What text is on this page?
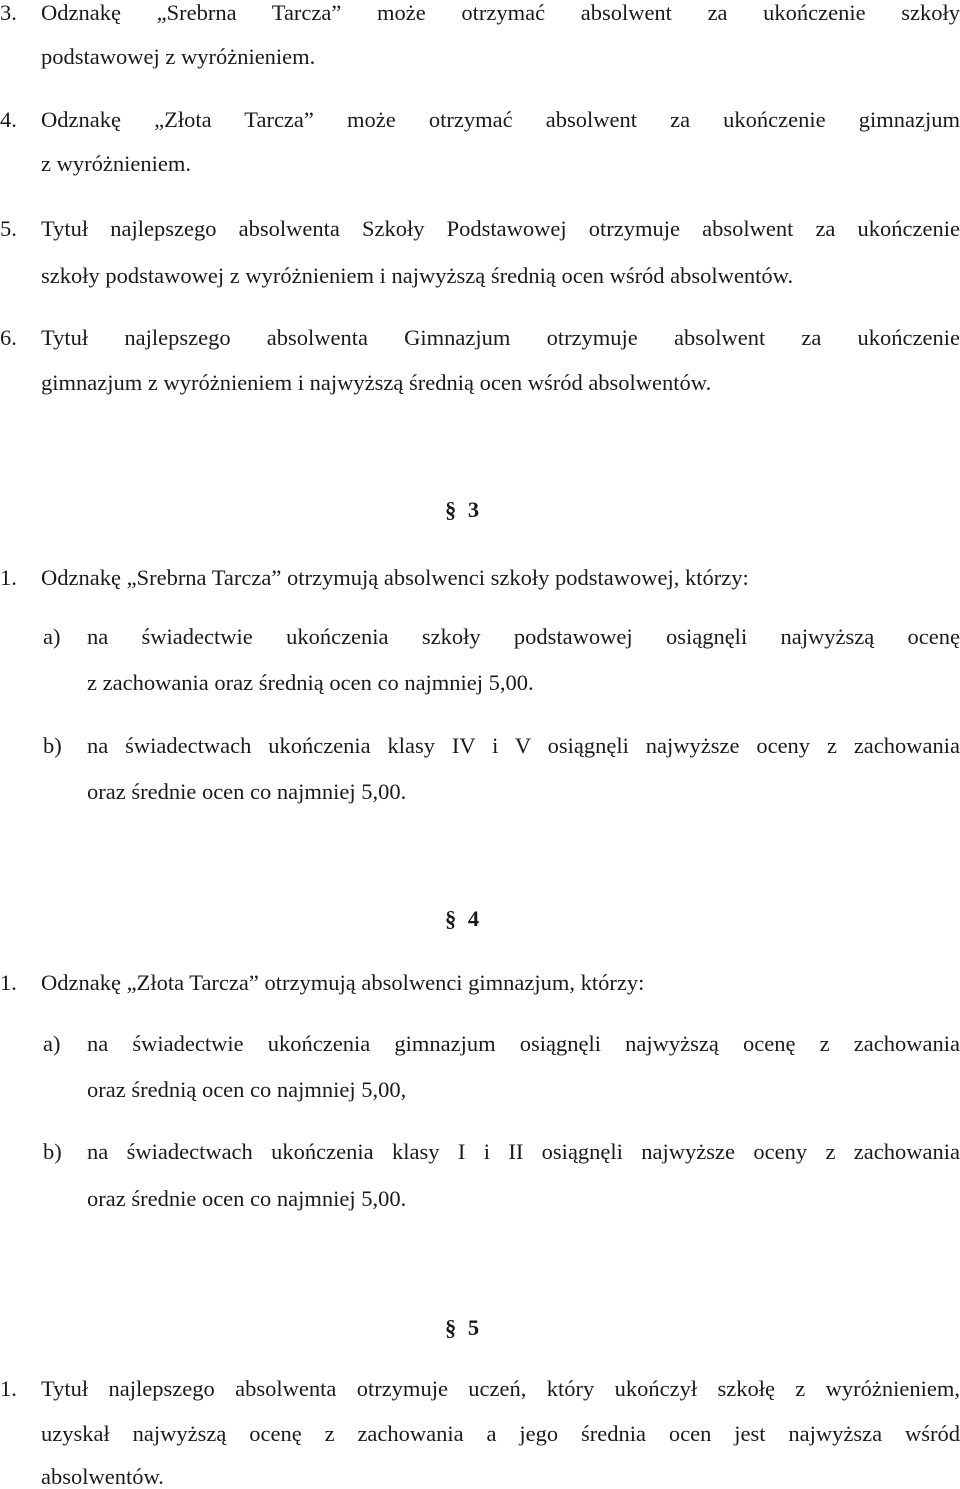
3. Odznakę „Srebrna Tarcza” może otrzymać absolwent za ukończenie szkoły
podstawowej z wyróżnieniem.
4. Odznakę „Złota Tarcza” może otrzymać absolwent za ukończenie gimnazjum
z wyróżnieniem.
5. Tytuł najlepszego absolwenta Szkoły Podstawowej otrzymuje absolwent za ukończenie
szkoły podstawowej z wyróżnieniem i najwyższą średnią ocen wśród absolwentów.
6. Tytuł najlepszego absolwenta Gimnazjum otrzymuje absolwent za ukończenie
gimnazjum z wyróżnieniem i najwyższą średnią ocen wśród absolwentów.
§ 3
1. Odznakę „Srebrna Tarcza” otrzymują absolwenci szkoły podstawowej, którzy:
a) na świadectwie ukończenia szkoły podstawowej osiągnęli najwyższą ocenę
z zachowania oraz średnią ocen co najmniej 5,00.
b) na świadectwach ukończenia klasy IV i V osiągnęli najwyższe oceny z zachowania
oraz średnie ocen co najmniej 5,00.
§ 4
1. Odznakę „Złota Tarcza” otrzymują absolwenci gimnazjum, którzy:
a) na świadectwie ukończenia gimnazjum osiągnęli najwyższą ocenę z zachowania
oraz średnią ocen co najmniej 5,00,
b) na świadectwach ukończenia klasy I i II osiągnęli najwyższe oceny z zachowania
oraz średnie ocen co najmniej 5,00.
§ 5
1. Tytuł najlepszego absolwenta otrzymuje uczeń, który ukończył szkołę z wyróżnieniem,
uzyskał najwyższą ocenę z zachowania a jego średnia ocen jest najwyższa wśród
absolwentów.
